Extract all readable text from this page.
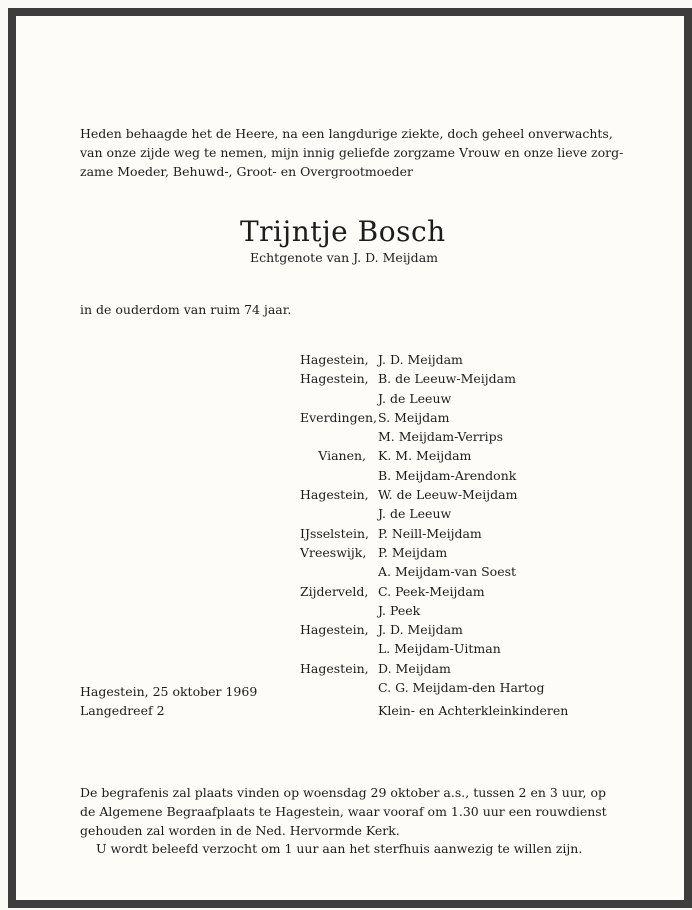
Heden behaagde het de Heere, na een langdurige ziekte, doch geheel onverwachts,
van onze zijde weg te nemen, mijn innig geliefde zorgzame Vrouw en onze lieve zorg-
zame Moeder, Behuwd-, Groot- en Overgrootmoeder
Trijntje Bosch
Echtgenote van J. D. Meijdam
in de ouderdom van ruim 74 jaar.
Hagestein, J. D. Meijdam
Hagestein, B. de Leeuw-Meijdam
J. de Leeuw
Everdingen, S. Meijdam
M. Meijdam-Verrips
Vianen, K. M. Meijdam
B. Meijdam-Arendonk
Hagestein, W. de Leeuw-Meijdam
J. de Leeuw
IJsselstein, P. Neill-Meijdam
Vreeswijk, P. Meijdam
A. Meijdam-van Soest
Zijderveld, C. Peek-Meijdam
J. Peek
Hagestein, J. D. Meijdam
L. Meijdam-Uitman
Hagestein, D. Meijdam
C. G. Meijdam-den Hartog
Hagestein, 25 oktober 1969
Langedreef 2	Klein- en Achterkleinkinderen
De begrafenis zal plaats vinden op woensdag 29 oktober a.s., tussen 2 en 3 uur, op
de Algemene Begraafplaats te Hagestein, waar vooraf om 1.30 uur een rouwdienst
gehouden zal worden in de Ned. Hervormde Kerk.
U wordt beleefd verzocht om 1 uur aan het sterfhuis aanwezig te willen zijn.
